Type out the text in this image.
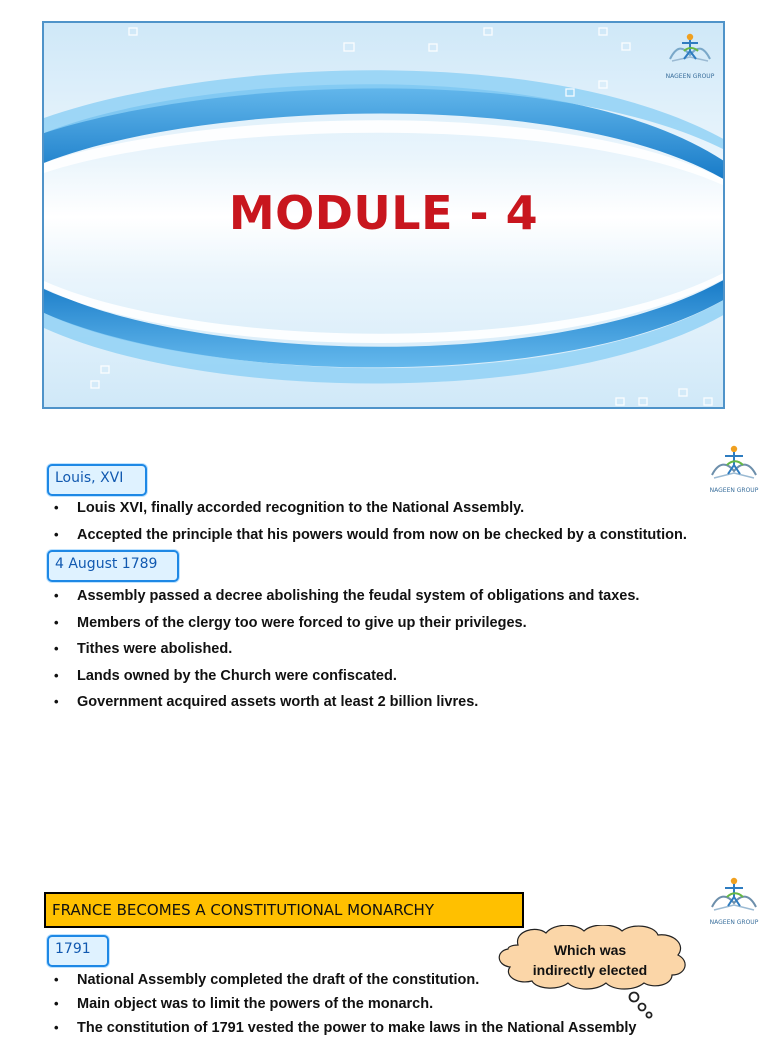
MODULE - 4
NAGEEN GROUP
Louis, XVI
• Louis XVI, finally accorded recognition to the National Assembly.
• Accepted the principle that his powers would from now on be checked by a constitution.
4 August 1789
• Assembly passed a decree abolishing the feudal system of obligations and taxes.
• Members of the clergy too were forced to give up their privileges.
• Tithes were abolished.
• Lands owned by the Church were confiscated.
• Government acquired assets worth at least 2 billion livres.
NAGEEN GROUP
NAGEEN GROUP
FRANCE BECOMES A CONSTITUTIONAL MONARCHY
1791
• National Assembly completed the draft of the constitution.
• Main object was to limit the powers of the monarch.
• The constitution of 1791 vested the power to make laws in the National Assembly
Which was
indirectly elected
